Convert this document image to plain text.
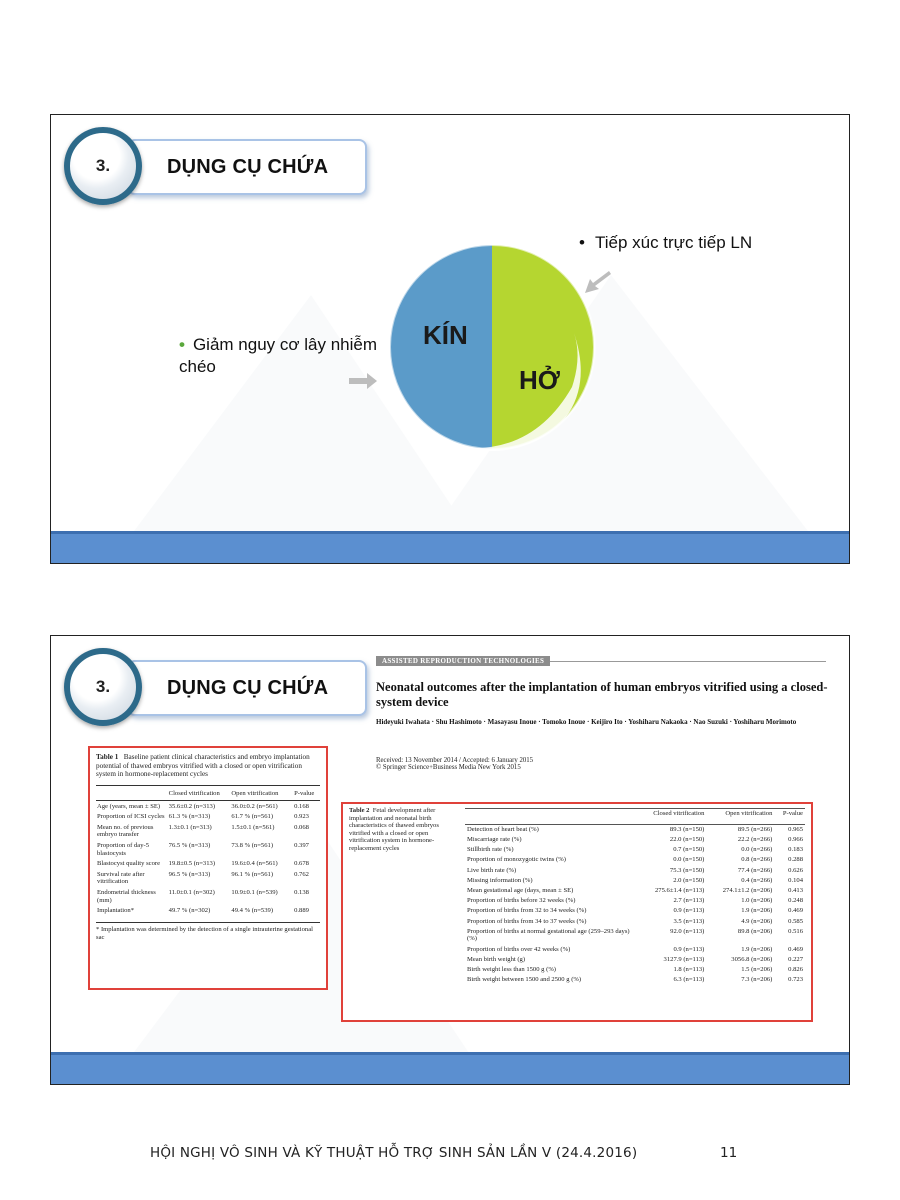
3.	DỤNG CỤ CHỨA
• Tiếp xúc trực tiếp LN
• Giảm nguy cơ lây nhiễm chéo
KÍN
HỞ
3.	DỤNG CỤ CHỨA
ASSISTED REPRODUCTION TECHNOLOGIES
Neonatal outcomes after the implantation of human embryos vitrified using a closed-system device
Hideyuki Iwahata · Shu Hashimoto · Masayasu Inoue · Tomoko Inoue · Keijiro Ito · Yoshiharu Nakaoka · Nao Suzuki · Yoshiharu Morimoto
Received: 13 November 2014 / Accepted: 6 January 2015
© Springer Science+Business Media New York 2015
Table 1 Baseline patient clinical characteristics and embryo implantation potential of thawed embryos vitrified with a closed or open vitrification system in hormone-replacement cycles
	Closed vitrification	Open vitrification	P-value
Age (years, mean ± SE)	35.6±0.2 (n=313)	36.0±0.2 (n=561)	0.168
Proportion of ICSI cycles	61.3 % (n=313)	61.7 % (n=561)	0.923
Mean no. of previous embryo transfer	1.3±0.1 (n=313)	1.5±0.1 (n=561)	0.068
Proportion of day-5 blastocysts	76.5 % (n=313)	73.8 % (n=561)	0.397
Blastocyst quality score	19.8±0.5 (n=313)	19.6±0.4 (n=561)	0.678
Survival rate after vitrification	96.5 % (n=313)	96.1 % (n=561)	0.762
Endometrial thickness (mm)	11.0±0.1 (n=302)	10.9±0.1 (n=539)	0.138
Implantation*	49.7 % (n=302)	49.4 % (n=539)	0.889
* Implantation was determined by the detection of a single intrauterine gestational sac
Table 2 Fetal development after implantation and neonatal birth characteristics of thawed embryos vitrified with a closed or open vitrification system in hormone-replacement cycles
	Closed vitrification	Open vitrification	P-value
Detection of heart beat (%)	89.3 (n=150)	89.5 (n=266)	0.965
Miscarriage rate (%)	22.0 (n=150)	22.2 (n=266)	0.966
Stillbirth rate (%)	0.7 (n=150)	0.0 (n=266)	0.183
Proportion of monozygotic twins (%)	0.0 (n=150)	0.8 (n=266)	0.288
Live birth rate (%)	75.3 (n=150)	77.4 (n=266)	0.626
Missing information (%)	2.0 (n=150)	0.4 (n=266)	0.104
Mean gestational age (days, mean ± SE)	275.6±1.4 (n=113)	274.1±1.2 (n=206)	0.413
Proportion of births before 32 weeks (%)	2.7 (n=113)	1.0 (n=206)	0.248
Proportion of births from 32 to 34 weeks (%)	0.9 (n=113)	1.9 (n=206)	0.469
Proportion of births from 34 to 37 weeks (%)	3.5 (n=113)	4.9 (n=206)	0.585
Proportion of births at normal gestational age (259–293 days) (%)	92.0 (n=113)	89.8 (n=206)	0.516
Proportion of births over 42 weeks (%)	0.9 (n=113)	1.9 (n=206)	0.469
Mean birth weight (g)	3127.9 (n=113)	3056.8 (n=206)	0.227
Birth weight less than 1500 g (%)	1.8 (n=113)	1.5 (n=206)	0.826
Birth weight between 1500 and 2500 g (%)	6.3 (n=113)	7.3 (n=206)	0.723
HỘI NGHỊ VÔ SINH VÀ KỸ THUẬT HỖ TRỢ SINH SẢN LẦN V (24.4.2016)	11
